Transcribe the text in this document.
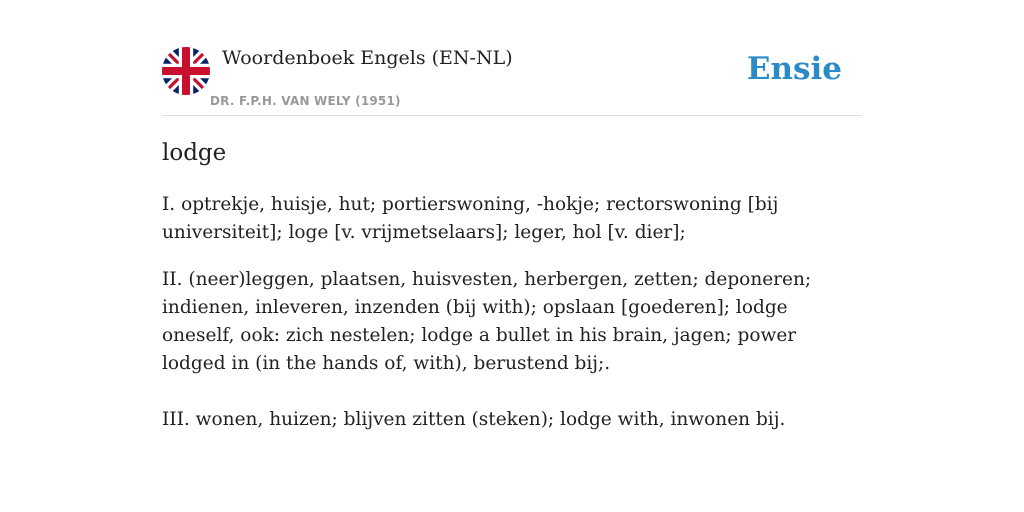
Woordenboek Engels (EN-NL)
DR. F.P.H. VAN WELY (1951)
Ensie
lodge

I. optrekje, huisje, hut; portierswoning, -hokje; rectorswoning [bij universiteit]; loge [v. vrijmetselaars]; leger, hol [v. dier];

II. (neer)leggen, plaatsen, huisvesten, herbergen, zetten; deponeren; indienen, inleveren, inzenden (bij with); opslaan [goederen]; lodge oneself, ook: zich nestelen; lodge a bullet in his brain, jagen; power lodged in (in the hands of, with), berustend bij;.

III. wonen, huizen; blijven zitten (steken); lodge with, inwonen bij.
